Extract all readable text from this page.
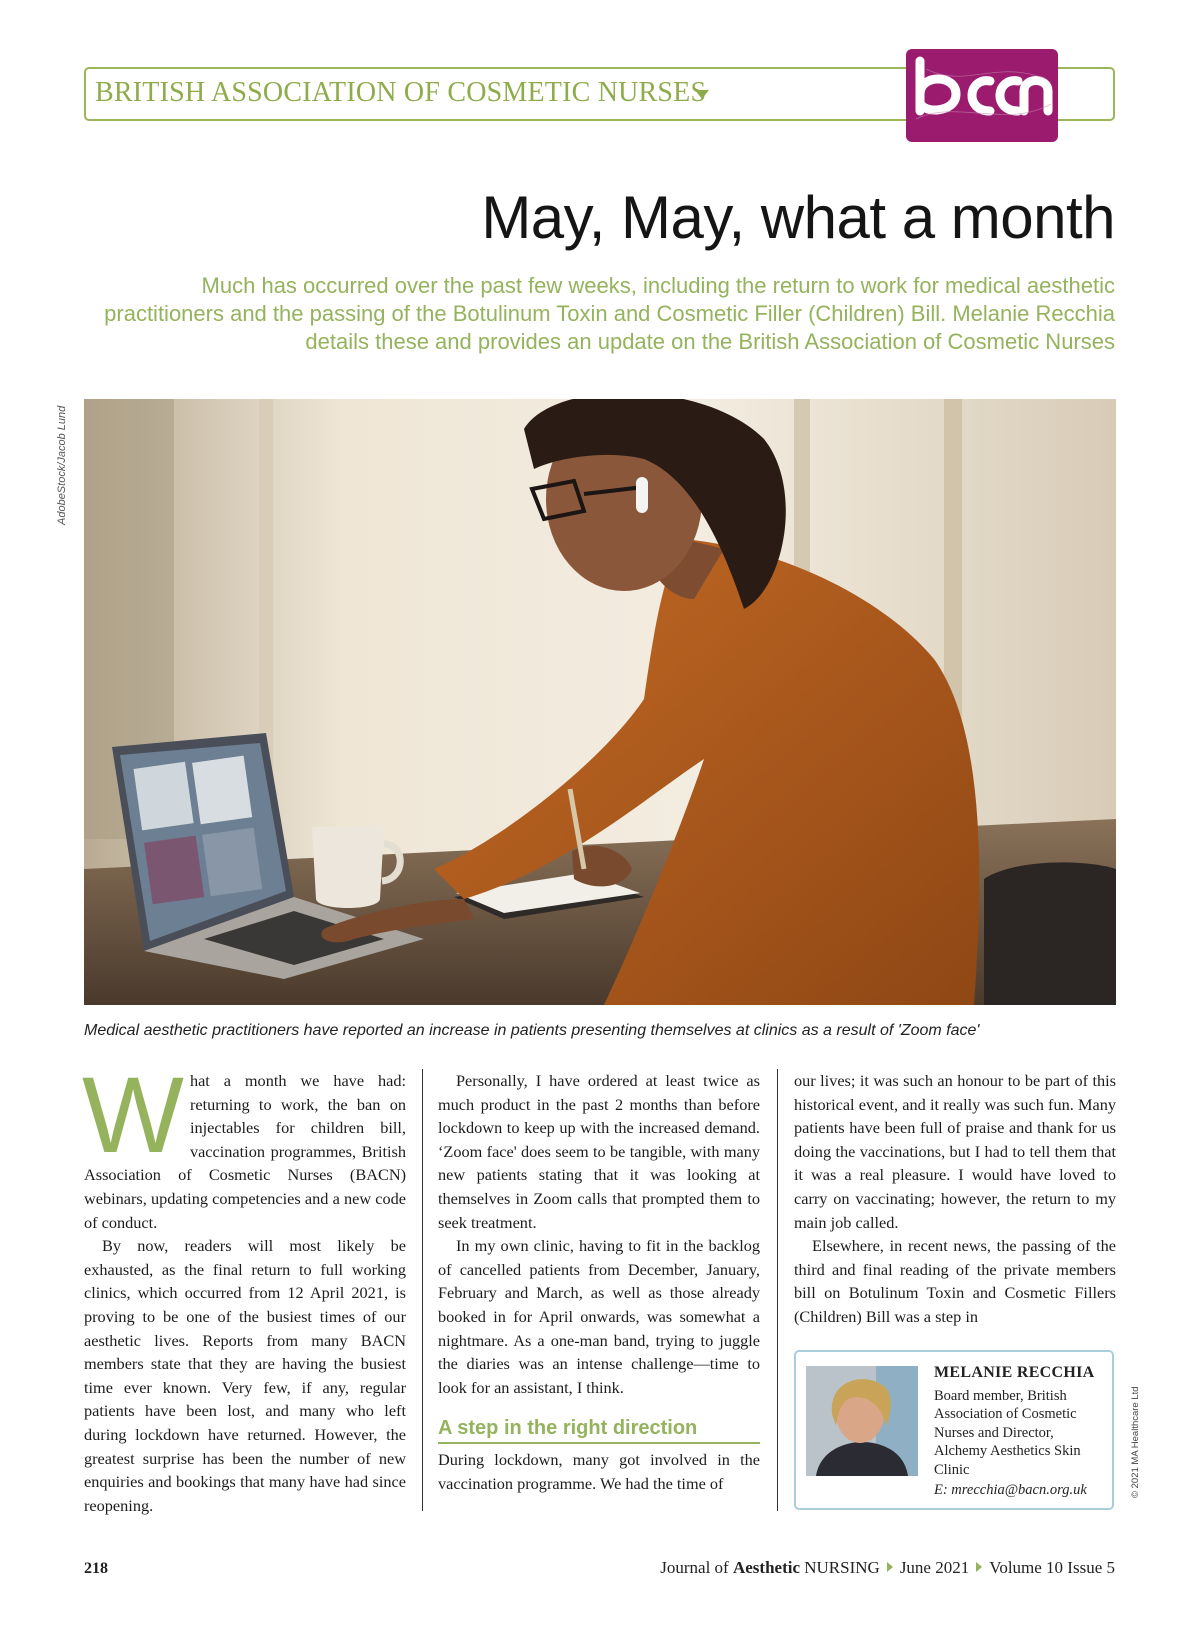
BRITISH ASSOCIATION OF COSMETIC NURSES
May, May, what a month
Much has occurred over the past few weeks, including the return to work for medical aesthetic practitioners and the passing of the Botulinum Toxin and Cosmetic Filler (Children) Bill. Melanie Recchia details these and provides an update on the British Association of Cosmetic Nurses
AdobeStock/Jacob Lund
Medical aesthetic practitioners have reported an increase in patients presenting themselves at clinics as a result of 'Zoom face'
W hat a month we have had: returning to work, the ban on injectables for children bill, vaccination programmes, British Association of Cosmetic Nurses (BACN) webinars, updating competencies and a new code of conduct.

By now, readers will most likely be exhausted, as the final return to full working clinics, which occurred from 12 April 2021, is proving to be one of the busiest times of our aesthetic lives. Reports from many BACN members state that they are having the busiest time ever known. Very few, if any, regular patients have been lost, and many who left during lockdown have returned. However, the greatest surprise has been the number of new enquiries and bookings that many have had since reopening.

Personally, I have ordered at least twice as much product in the past 2 months than before lockdown to keep up with the increased demand. ‘Zoom face' does seem to be tangible, with many new patients stating that it was looking at themselves in Zoom calls that prompted them to seek treatment.

In my own clinic, having to fit in the backlog of cancelled patients from December, January, February and March, as well as those already booked in for April onwards, was somewhat a nightmare. As a one-man band, trying to juggle the diaries was an intense challenge—time to look for an assistant, I think.

A step in the right direction

During lockdown, many got involved in the vaccination programme. We had the time of

our lives; it was such an honour to be part of this historical event, and it really was such fun. Many patients have been full of praise and thank for us doing the vaccinations, but I had to tell them that it was a real pleasure. I would have loved to carry on vaccinating; however, the return to my main job called.

Elsewhere, in recent news, the passing of the third and final reading of the private members bill on Botulinum Toxin and Cosmetic Fillers (Children) Bill was a step in

MELANIE RECCHIA
Board member, British Association of Cosmetic Nurses and Director, Alchemy Aesthetics Skin Clinic
E: mrecchia@bacn.org.uk	© 2021 MA Healthcare Ltd
218	Journal of Aesthetic NURSING June 2021 Volume 10 Issue 5
